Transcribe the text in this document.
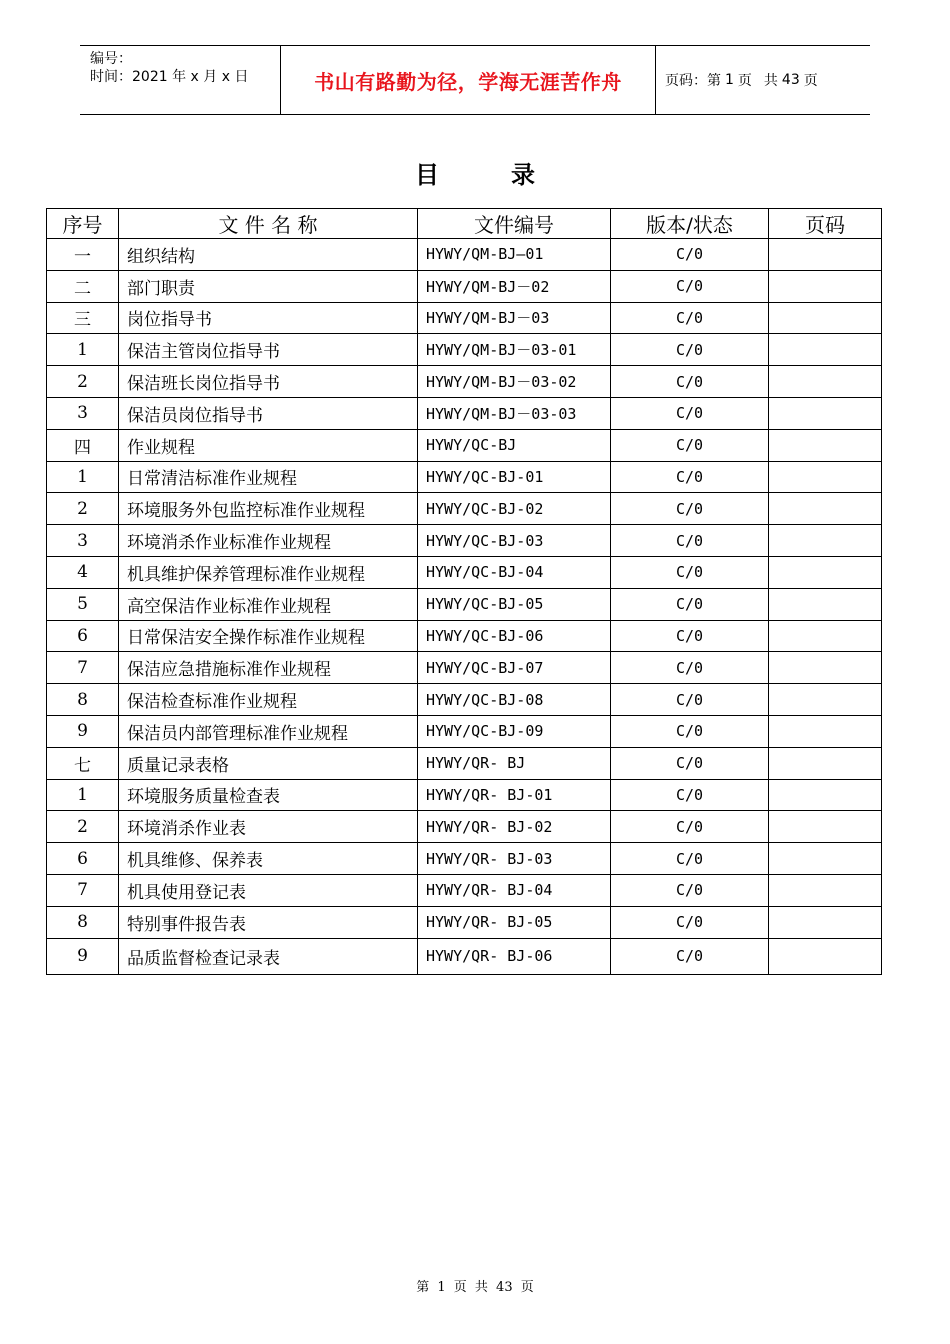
编号：
时间：2021 年 x 月 x 日	书山有路勤为径，学海无涯苦作舟	页码：第 1 页 共 43 页
目	录
序号	文 件 名 称	文件编号	版本/状态	页码
一	组织结构	HYWY/QM-BJ—01	C/0	
二	部门职责	HYWY/QM-BJ－02	C/0	
三	岗位指导书	HYWY/QM-BJ－03	C/0	
1	保洁主管岗位指导书	HYWY/QM-BJ－03-01	C/0	
2	保洁班长岗位指导书	HYWY/QM-BJ－03-02	C/0	
3	保洁员岗位指导书	HYWY/QM-BJ－03-03	C/0	
四	作业规程	HYWY/QC-BJ	C/0	
1	日常清洁标准作业规程	HYWY/QC-BJ-01	C/0	
2	环境服务外包监控标准作业规程	HYWY/QC-BJ-02	C/0	
3	环境消杀作业标准作业规程	HYWY/QC-BJ-03	C/0	
4	机具维护保养管理标准作业规程	HYWY/QC-BJ-04	C/0	
5	高空保洁作业标准作业规程	HYWY/QC-BJ-05	C/0	
6	日常保洁安全操作标准作业规程	HYWY/QC-BJ-06	C/0	
7	保洁应急措施标准作业规程	HYWY/QC-BJ-07	C/0	
8	保洁检查标准作业规程	HYWY/QC-BJ-08	C/0	
9	保洁员内部管理标准作业规程	HYWY/QC-BJ-09	C/0	
七	质量记录表格	HYWY/QR- BJ	C/0	
1	环境服务质量检查表	HYWY/QR- BJ-01	C/0	
2	环境消杀作业表	HYWY/QR- BJ-02	C/0	
6	机具维修、保养表	HYWY/QR- BJ-03	C/0	
7	机具使用登记表	HYWY/QR- BJ-04	C/0	
8	特别事件报告表	HYWY/QR- BJ-05	C/0	
9	品质监督检查记录表	HYWY/QR- BJ-06	C/0	
第 1 页 共 43 页
